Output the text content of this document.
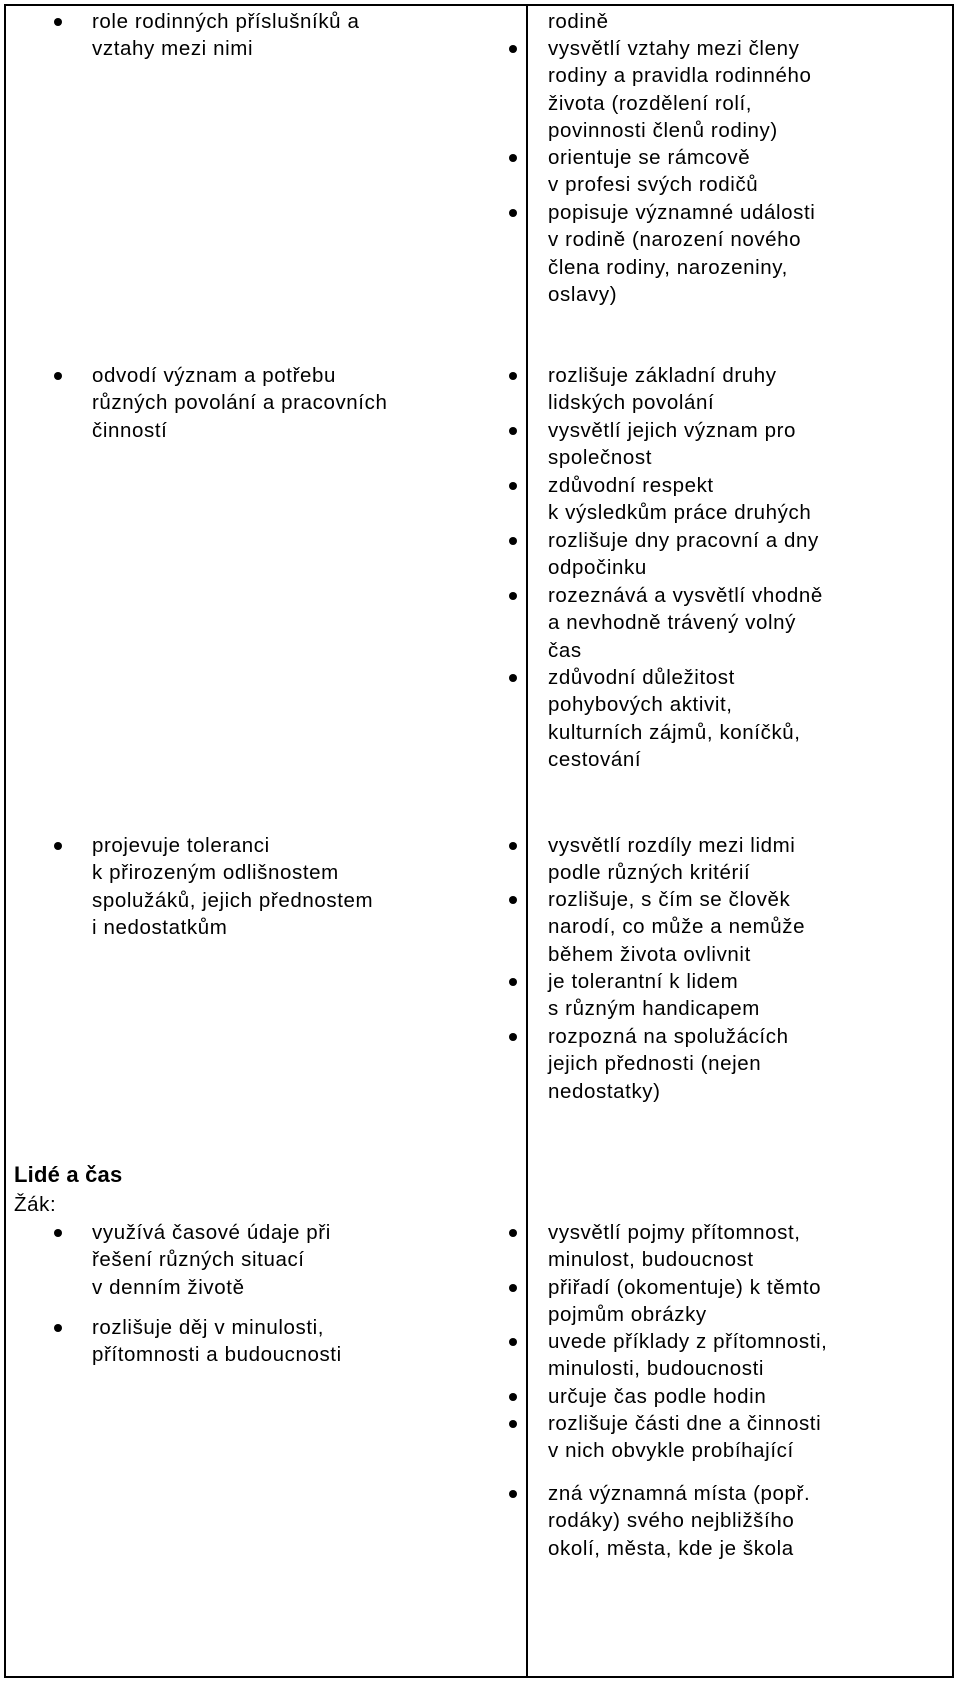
role rodinných příslušníků a
vztahy mezi nimi
odvodí význam a potřebu
různých povolání a pracovních
činností
projevuje toleranci
k přirozeným odlišnostem
spolužáků, jejich přednostem
i nedostatkům
Lidé a čas
Žák:
využívá časové údaje při
řešení různých situací
v denním životě
rozlišuje děj v minulosti,
přítomnosti a budoucnosti
rodině
vysvětlí vztahy mezi členy
rodiny a pravidla rodinného
života (rozdělení rolí,
povinnosti členů rodiny)
orientuje se rámcově
v profesi svých rodičů
popisuje významné události
v rodině (narození nového
člena rodiny, narozeniny,
oslavy)
rozlišuje základní druhy
lidských povolání
vysvětlí jejich význam pro
společnost
zdůvodní respekt
k výsledkům práce druhých
rozlišuje dny pracovní a dny
odpočinku
rozeznává a vysvětlí vhodně
a nevhodně trávený volný
čas
zdůvodní důležitost
pohybových aktivit,
kulturních zájmů, koníčků,
cestování
vysvětlí rozdíly mezi lidmi
podle různých kritérií
rozlišuje, s čím se člověk
narodí, co může a nemůže
během života ovlivnit
je tolerantní k lidem
s různým handicapem
rozpozná na spolužácích
jejich přednosti (nejen
nedostatky)
vysvětlí pojmy přítomnost,
minulost, budoucnost
přiřadí (okomentuje) k těmto
pojmům obrázky
uvede příklady z přítomnosti,
minulosti, budoucnosti
určuje čas podle hodin
rozlišuje části dne a činnosti
v nich obvykle probíhající
zná významná místa (popř.
rodáky) svého nejbližšího
okolí, města, kde je škola
